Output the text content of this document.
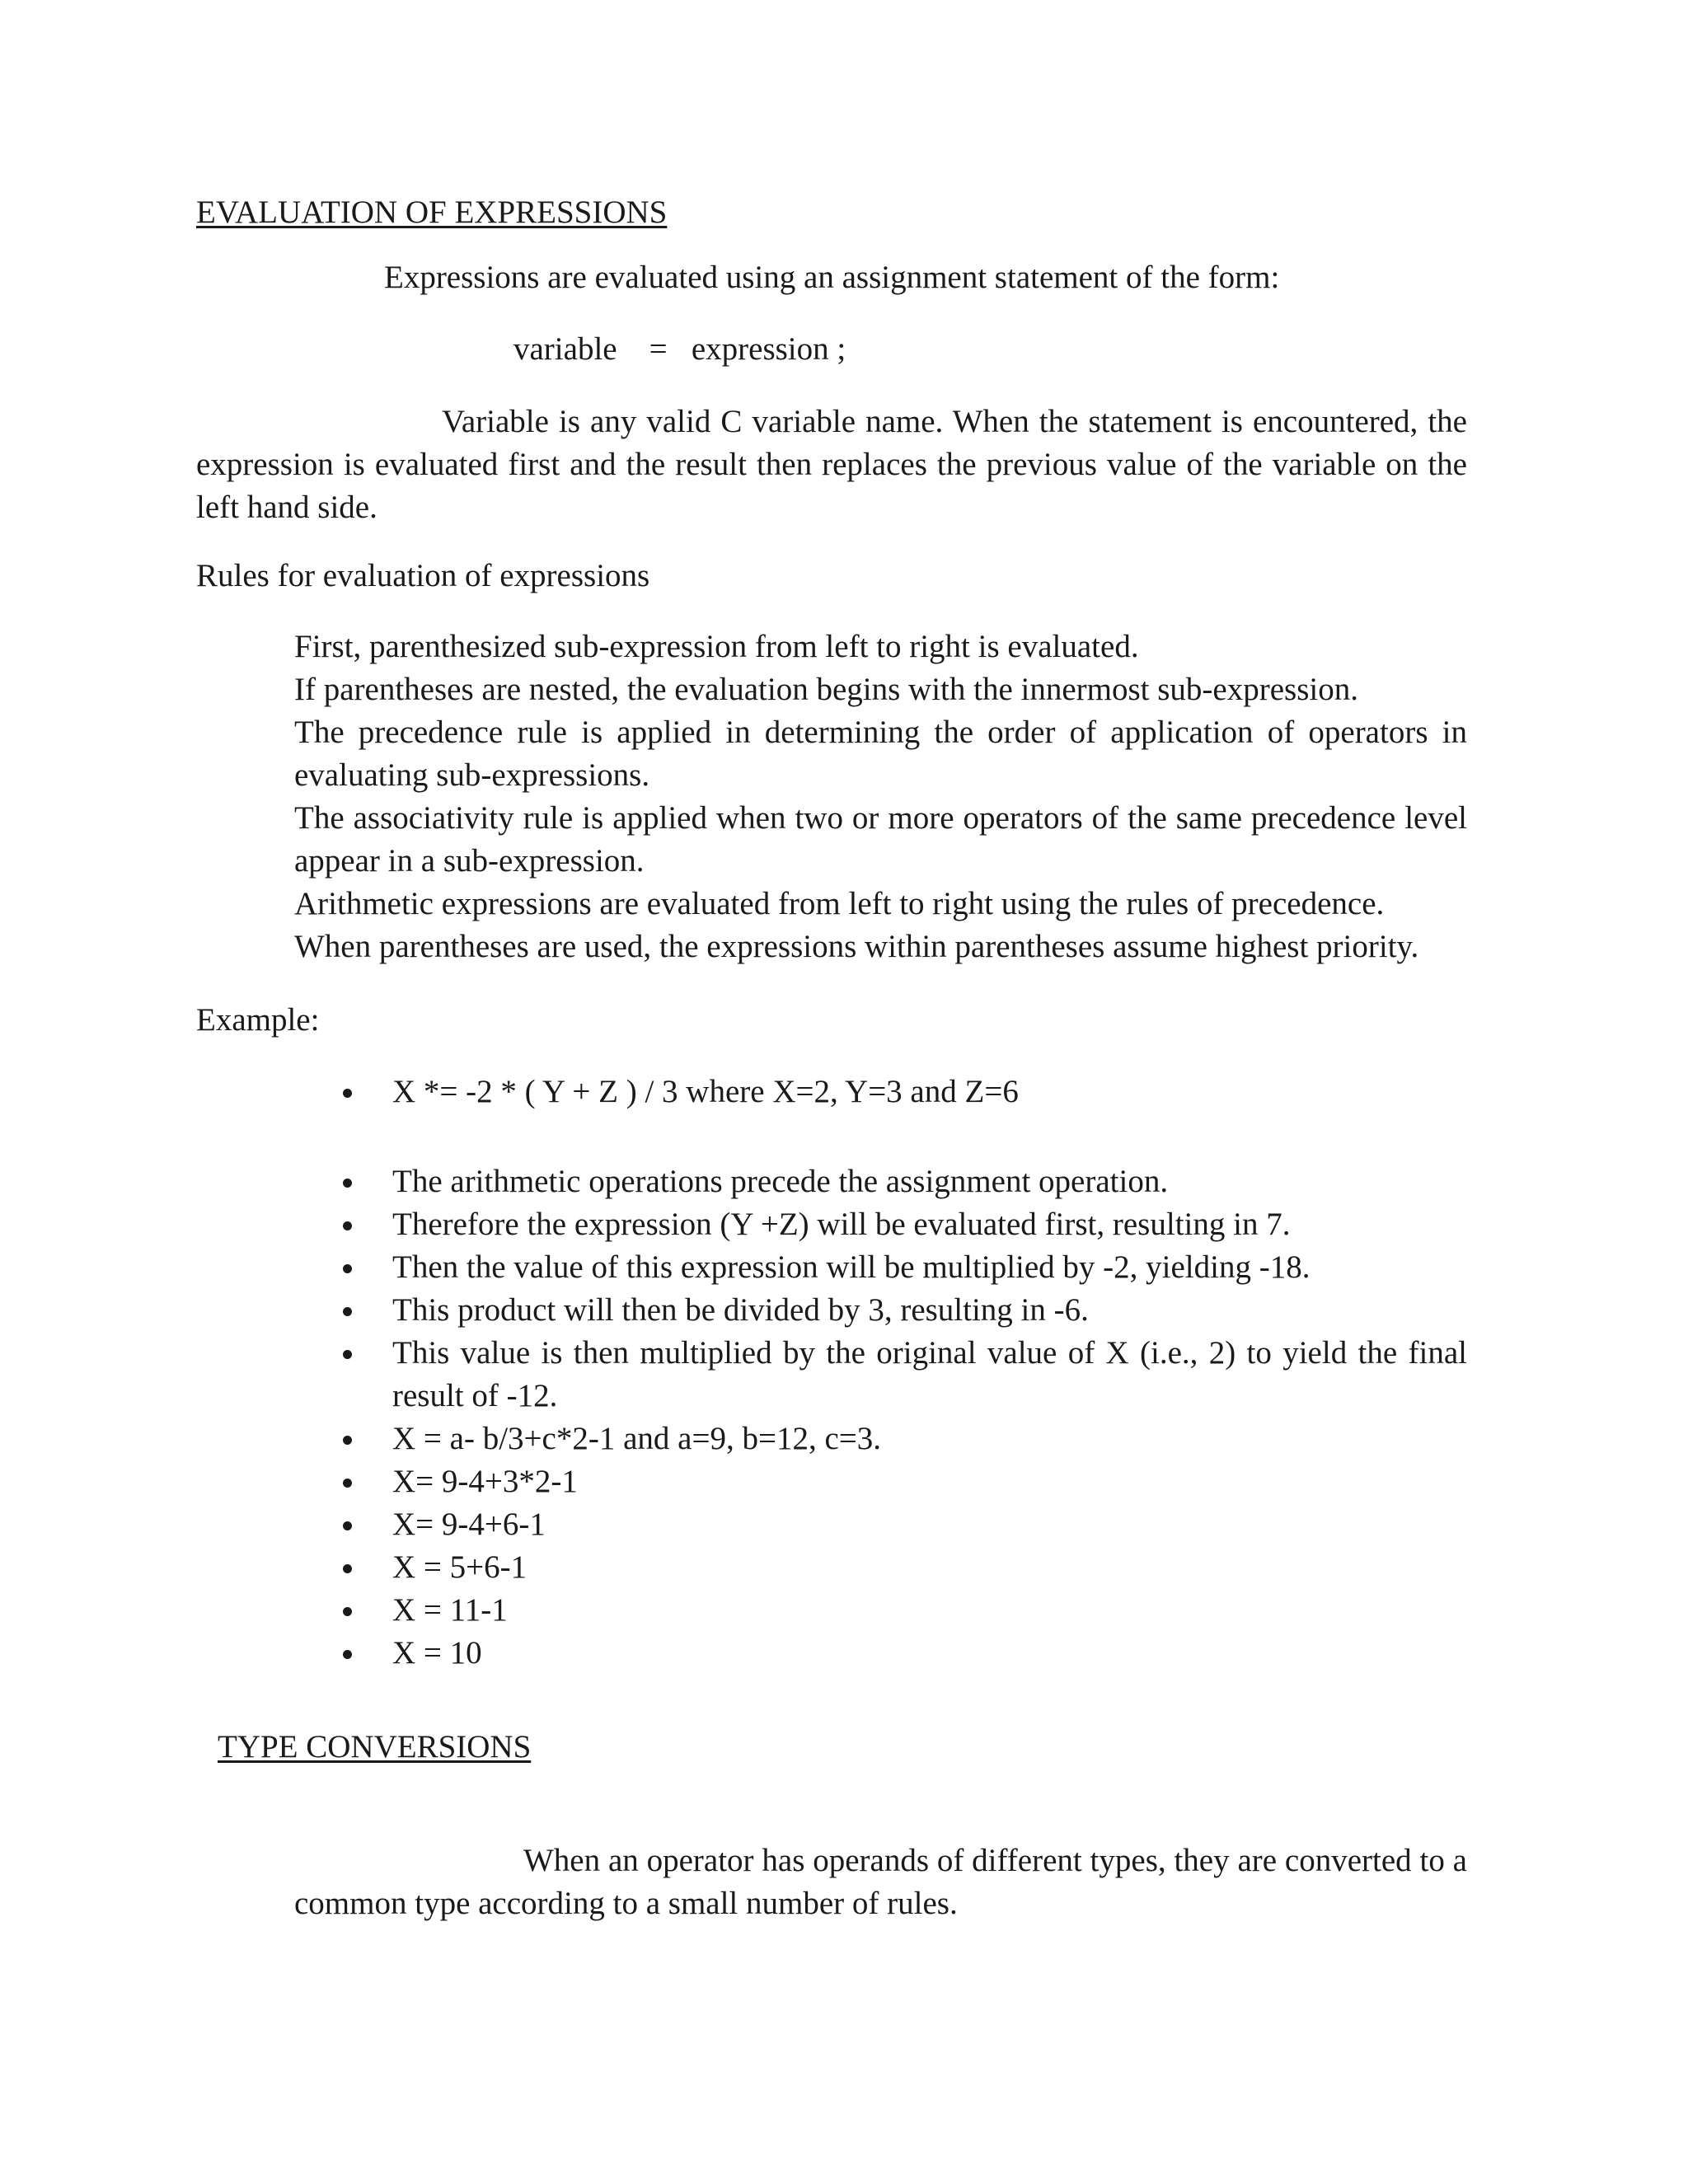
EVALUATION OF EXPRESSIONS
Expressions are evaluated using an assignment statement of the form:
variable    =   expression ;

Variable is any valid C variable name. When the statement is encountered, the expression is evaluated first and the result then replaces the previous value of the variable on the left hand side.

Rules for evaluation of expressions

First, parenthesized sub-expression from left to right is evaluated.

If parentheses are nested, the evaluation begins with the innermost sub-expression.

The precedence rule is applied in determining the order of application of operators in evaluating sub-expressions.

The associativity rule is applied when two or more operators of the same precedence level appear in a sub-expression.

Arithmetic expressions are evaluated from left to right using the rules of precedence.

When parentheses are used, the expressions within parentheses assume highest priority.

Example:
X *= -2 * ( Y + Z ) / 3 where X=2, Y=3 and Z=6
The arithmetic operations precede the assignment operation.
Therefore the expression (Y +Z) will be evaluated first, resulting in 7.
Then the value of this expression will be multiplied by -2, yielding -18.
This product will then be divided by 3, resulting in -6.
This value is then multiplied by the original value of X (i.e., 2) to yield the final result of -12.
X = a- b/3+c*2-1 and a=9, b=12, c=3.
X= 9-4+3*2-1
X= 9-4+6-1
X = 5+6-1
X = 11-1
X = 10
TYPE CONVERSIONS

When an operator has operands of different types, they are converted to a common type according to a small number of rules.
